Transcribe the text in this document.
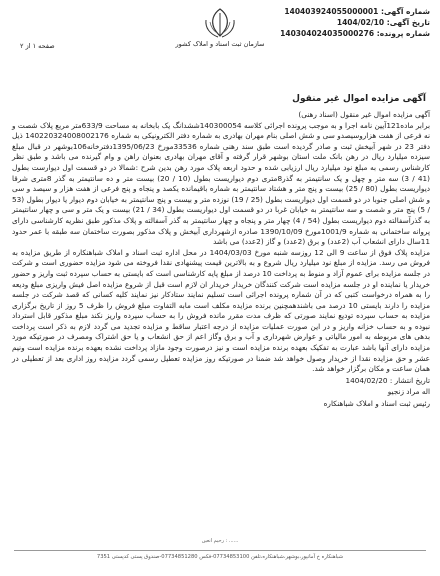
شماره آگهی: 140403924055000001
تاریخ آگهی: 1404/02/10
شماره پرونده: 140304024035000276
سازمان ثبت اسناد و املاک کشور
صفحه ۱ از ۲
آگهی مزایده اموال غیر منقول
آگهی مزایده اموال غیر منقول (اسناد رهنی)
برابر ماده121آیین نامه اجرا و به موجب پرونده اجرائی کلاسه 140300054ششدانگ یک بابخانه به مساحت 633/9متر مربع پلاک شصت و نه فرعی از هفت هزاروسیصدو سی و شش اصلی بنام مهران بهادری به شماره دفتر الکترونیکی به شماره 140220324008002176 ذیل دفتر 23 در شهر آبیخش ثبت و صادر گردیده است طبق سند رهنی شماره 33536مورخ 1395/06/23دفترخانه106بوشهر در قبال مبلغ سیزده میلیارد ریال در رهن بانک ملت استان بوشهر قرار گرفته و آقای مهران بهادری بعنوان راهن و وام گیرنده می باشد و طبق نظر کارشناس رسمی به مبلغ نود میلیارد ریال ارزیابی شده و حدود اربعه پلاک مورد رهن بدین شرح :شمالا در دو قسمت اول دیوارست بطول (41 / 3) سه متر و چهل و یک سانتیمتر به گذر8متری دوم دیواریست بطول (10 / 20) بیست متر و ده سانتیمتر به گذر 8متری شرقا دیواریست بطول (80 / 25) بیست و پنج متر و هشتاد سانتیمتر به شماره باقیمانده یکصد و پنجاه و پنج فرعی از هفت هزار و سیصد و سی و شش اصلی جنوبا در دو قسمت اول دیواریست بطول (25 / 19) نوزده متر و بیست و پنج سانتیمتر به خیابان دوم دیوار یا دیوار بطول (53 / 5) پنج متر و شصت و سه سانتیمتر به خیابان غربا در دو قسمت اول دیواریست بطول (34 / 21) بیست و یک متر و سی و چهار سانتیمتر به گذرآسفالته دوم دیواریست بطول (54 / 4) چهار متر و پنجاه و چهار سانتیمتر به گذر آسفالته و پلاک مذکور طبق نظریه کارشناسی دارای پروانه ساختمانی به شماره 1001/9مورخ 1390/10/09 صادره ازشهرداری آبیخش و پلاک مذکور بصورت ساختمان سه طبقه با عمر حدود 11سال دارای انشعاب آب (2عدد) و برق (2عدد) و گاز (2عدد) می باشد
مزایده پلاک فوق از ساعت 9 الی 12 روزسه شنبه مورخ 1404/03/03 در محل اداره ثبت اسناد و املاک شباهنکاره از طریق مزایده به فروش می رسد. مزایده از مبلغ نود میلیارد ریال شروع و به بالاترین قیمت پیشنهادی نقدا فروخته می شود مزایده حضوری است و شرکت در جلسه مزایده برای عموم آزاد و منوط به پرداخت 10 درصد از مبلغ پایه کارشناسی است که بایستی به حساب سپرده ثبت واریز و حضور خریدار یا نماینده او در جلسه مزایده است شرکت کنندگان خریدار خریدار ان لازم است قبل از شروع مزایده اصل فیش واریزی مبلغ ودیعه را به همراه درخواست کتبی که در آن شماره پرونده اجرائی است تسلیم نمایند ستادکار نیز نمایند کلیه کسانی که قصد شرکت در جلسه مزایده را دارند بایستی 10 درصد می باشندهمچنین برنده مزایده مکلف است مابه التفاوت مبلغ فروش را ظرف 5 روز از تاریخ برگزاری مزایده به حساب سپرده تودیع نمایند صورتی که ظرف مدت مقرر مانده فروش را به حساب سپرده واریز نکند مبلغ مذکور قابل استرداد نبوده و به حساب خزانه واریز و در این صورت عملیات مزایده از درجه اعتبار ساقط و مزایده تجدید می گردد لازم به ذکر است پرداخت بدهی های مربوطه به امور مالیاتی و عوارض شهرداری و آب و برق وگاز اعم از حق انشعاب و یا حق اشتراک ومصرف در صورتیکه مورد مزایده دارای آنها باشد عبارت به تفکیک بعهده برنده مزایده است و نیز درصورت وجود مازاد پرداخت نشده بعهده برنده مزایده است ونیم عشر و حق مزایده نقدا از خریدار وصول خواهد شد ضمنا در صورتیکه روز مزایده تعطیل رسمی گردد مزایده روز اداری بعد از تعطیلی در همان ساعت و مکان برگزار خواهد شد.
تاریخ انتشار : 1404/02/20
اله مراد زنجیو
رئیس ثبت اسناد و املاک شباهنکاره
...... : رحیم انعیں
شباهنکاره خ آمانپور،بوشهر،شباهنکاره،تلفن 07734853100-فکس 07734851280-صندوق پستی کدپستی 7351
